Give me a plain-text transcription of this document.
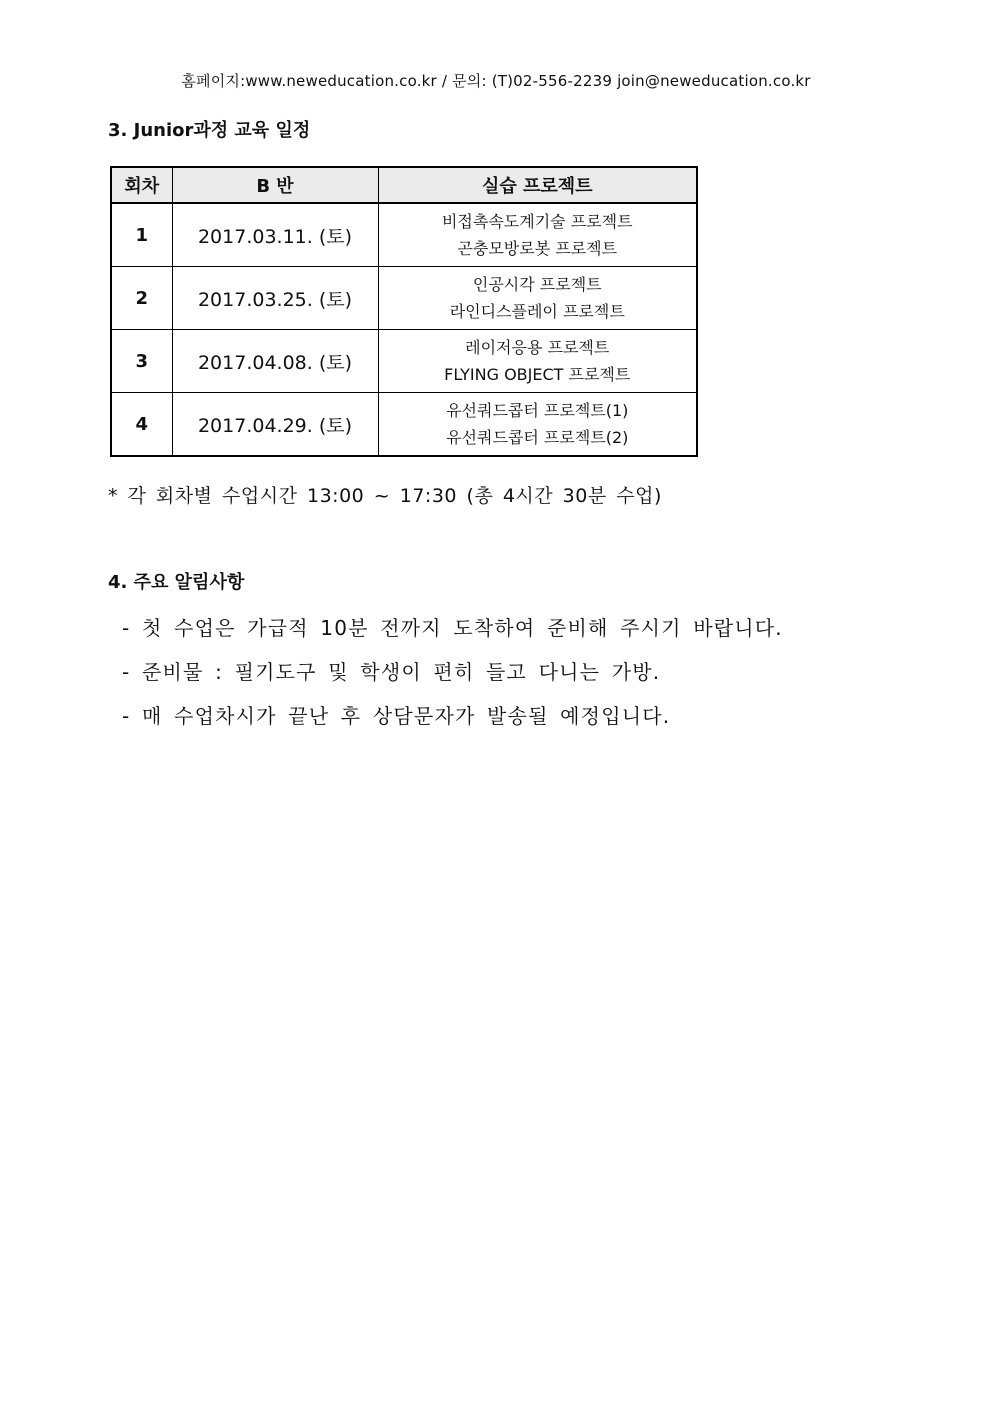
홈페이지:www.neweducation.co.kr / 문의: (T)02-556-2239 join@neweducation.co.kr
3. Junior과정 교육 일정
회차	B 반	실습 프로젝트
1	2017.03.11. (토)	비접촉속도계기술 프로젝트
곤충모방로봇 프로젝트

2	2017.03.25. (토)	인공시각 프로젝트
라인디스플레이 프로젝트

3	2017.04.08. (토)	레이저응용 프로젝트
FLYING OBJECT 프로젝트

4	2017.04.29. (토)	유선쿼드콥터 프로젝트(1)
유선쿼드콥터 프로젝트(2)
* 각 회차별 수업시간 13:00 ~ 17:30 (총 4시간 30분 수업)
4. 주요 알림사항
- 첫 수업은 가급적 10분 전까지 도착하여 준비해 주시기 바랍니다.
- 준비물 : 필기도구 및 학생이 편히 들고 다니는 가방.
- 매 수업차시가 끝난 후 상담문자가 발송될 예정입니다.
